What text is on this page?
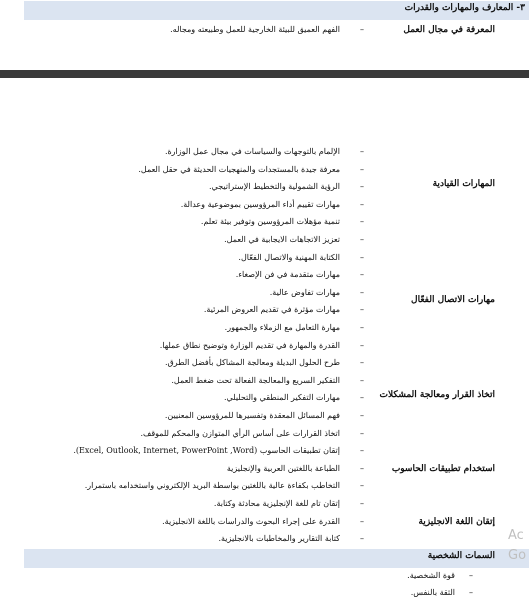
٣- المعارف والمهارات والقدرات
المعرفة في مجال العمل
–
الفهم العميق للبيئة الخارجية للعمل وطبيعته ومجاله.
المهارات القيادية
–
الإلمام بالتوجهات والسياسات في مجال عمل الوزارة.
–
معرفة جيدة بالمستجدات والمنهجيات الحديثة في حقل العمل.
–
الرؤية الشمولية والتخطيط الإستراتيجي.
–
مهارات تقييم أداء المرؤوسين بموضوعية وعدالة.
–
تنمية مؤهلات المرؤوسين وتوفير بيئة تعلم.
–
تعزيز الاتجاهات الايجابية في العمل.
مهارات الاتصال الفعّال
–
الكتابة المهنية والاتصال الفعّال.
–
مهارات متقدمة في فن الإصغاء.
–
مهارات تفاوض عالية.
–
مهارات مؤثرة في تقديم العروض المرئية.
–
مهارة التعامل مع الزملاء والجمهور.
–
القدرة والمهارة في تقديم الوزارة وتوضيح نطاق عملها.
اتخاذ القرار ومعالجة المشكلات
–
طرح الحلول البديلة ومعالجة المشاكل بأفضل الطرق.
–
التفكير السريع والمعالجة الفعالة تحت ضغط العمل.
–
مهارات التفكير المنطقي والتحليلي.
–
فهم المسائل المعقدة وتفسيرها للمرؤوسين المعنيين.
–
اتخاذ القرارات على أساس الرأي المتوازن والمحكم للموقف.
استخدام تطبيقات الحاسوب
–
إتقان تطبيقات الحاسوب (Excel, Outlook, Internet, PowerPoint ,Word).
–
الطباعة باللغتين العربية والإنجليزية
–
التخاطب بكفاءة عالية باللغتين بواسطة البريد الإلكتروني واستخدامه باستمرار.
إتقان اللغة الانجليزية
–
إتقان تام للغة الإنجليزية محادثة وكتابة.
–
القدرة على إجراء البحوث والدراسات باللغة الانجليزية.
–
كتابة التقارير والمخاطبات بالانجليزية.
السمات الشخصية
–
قوة الشخصية.
–
الثقة بالنفس.
Ac
Go
